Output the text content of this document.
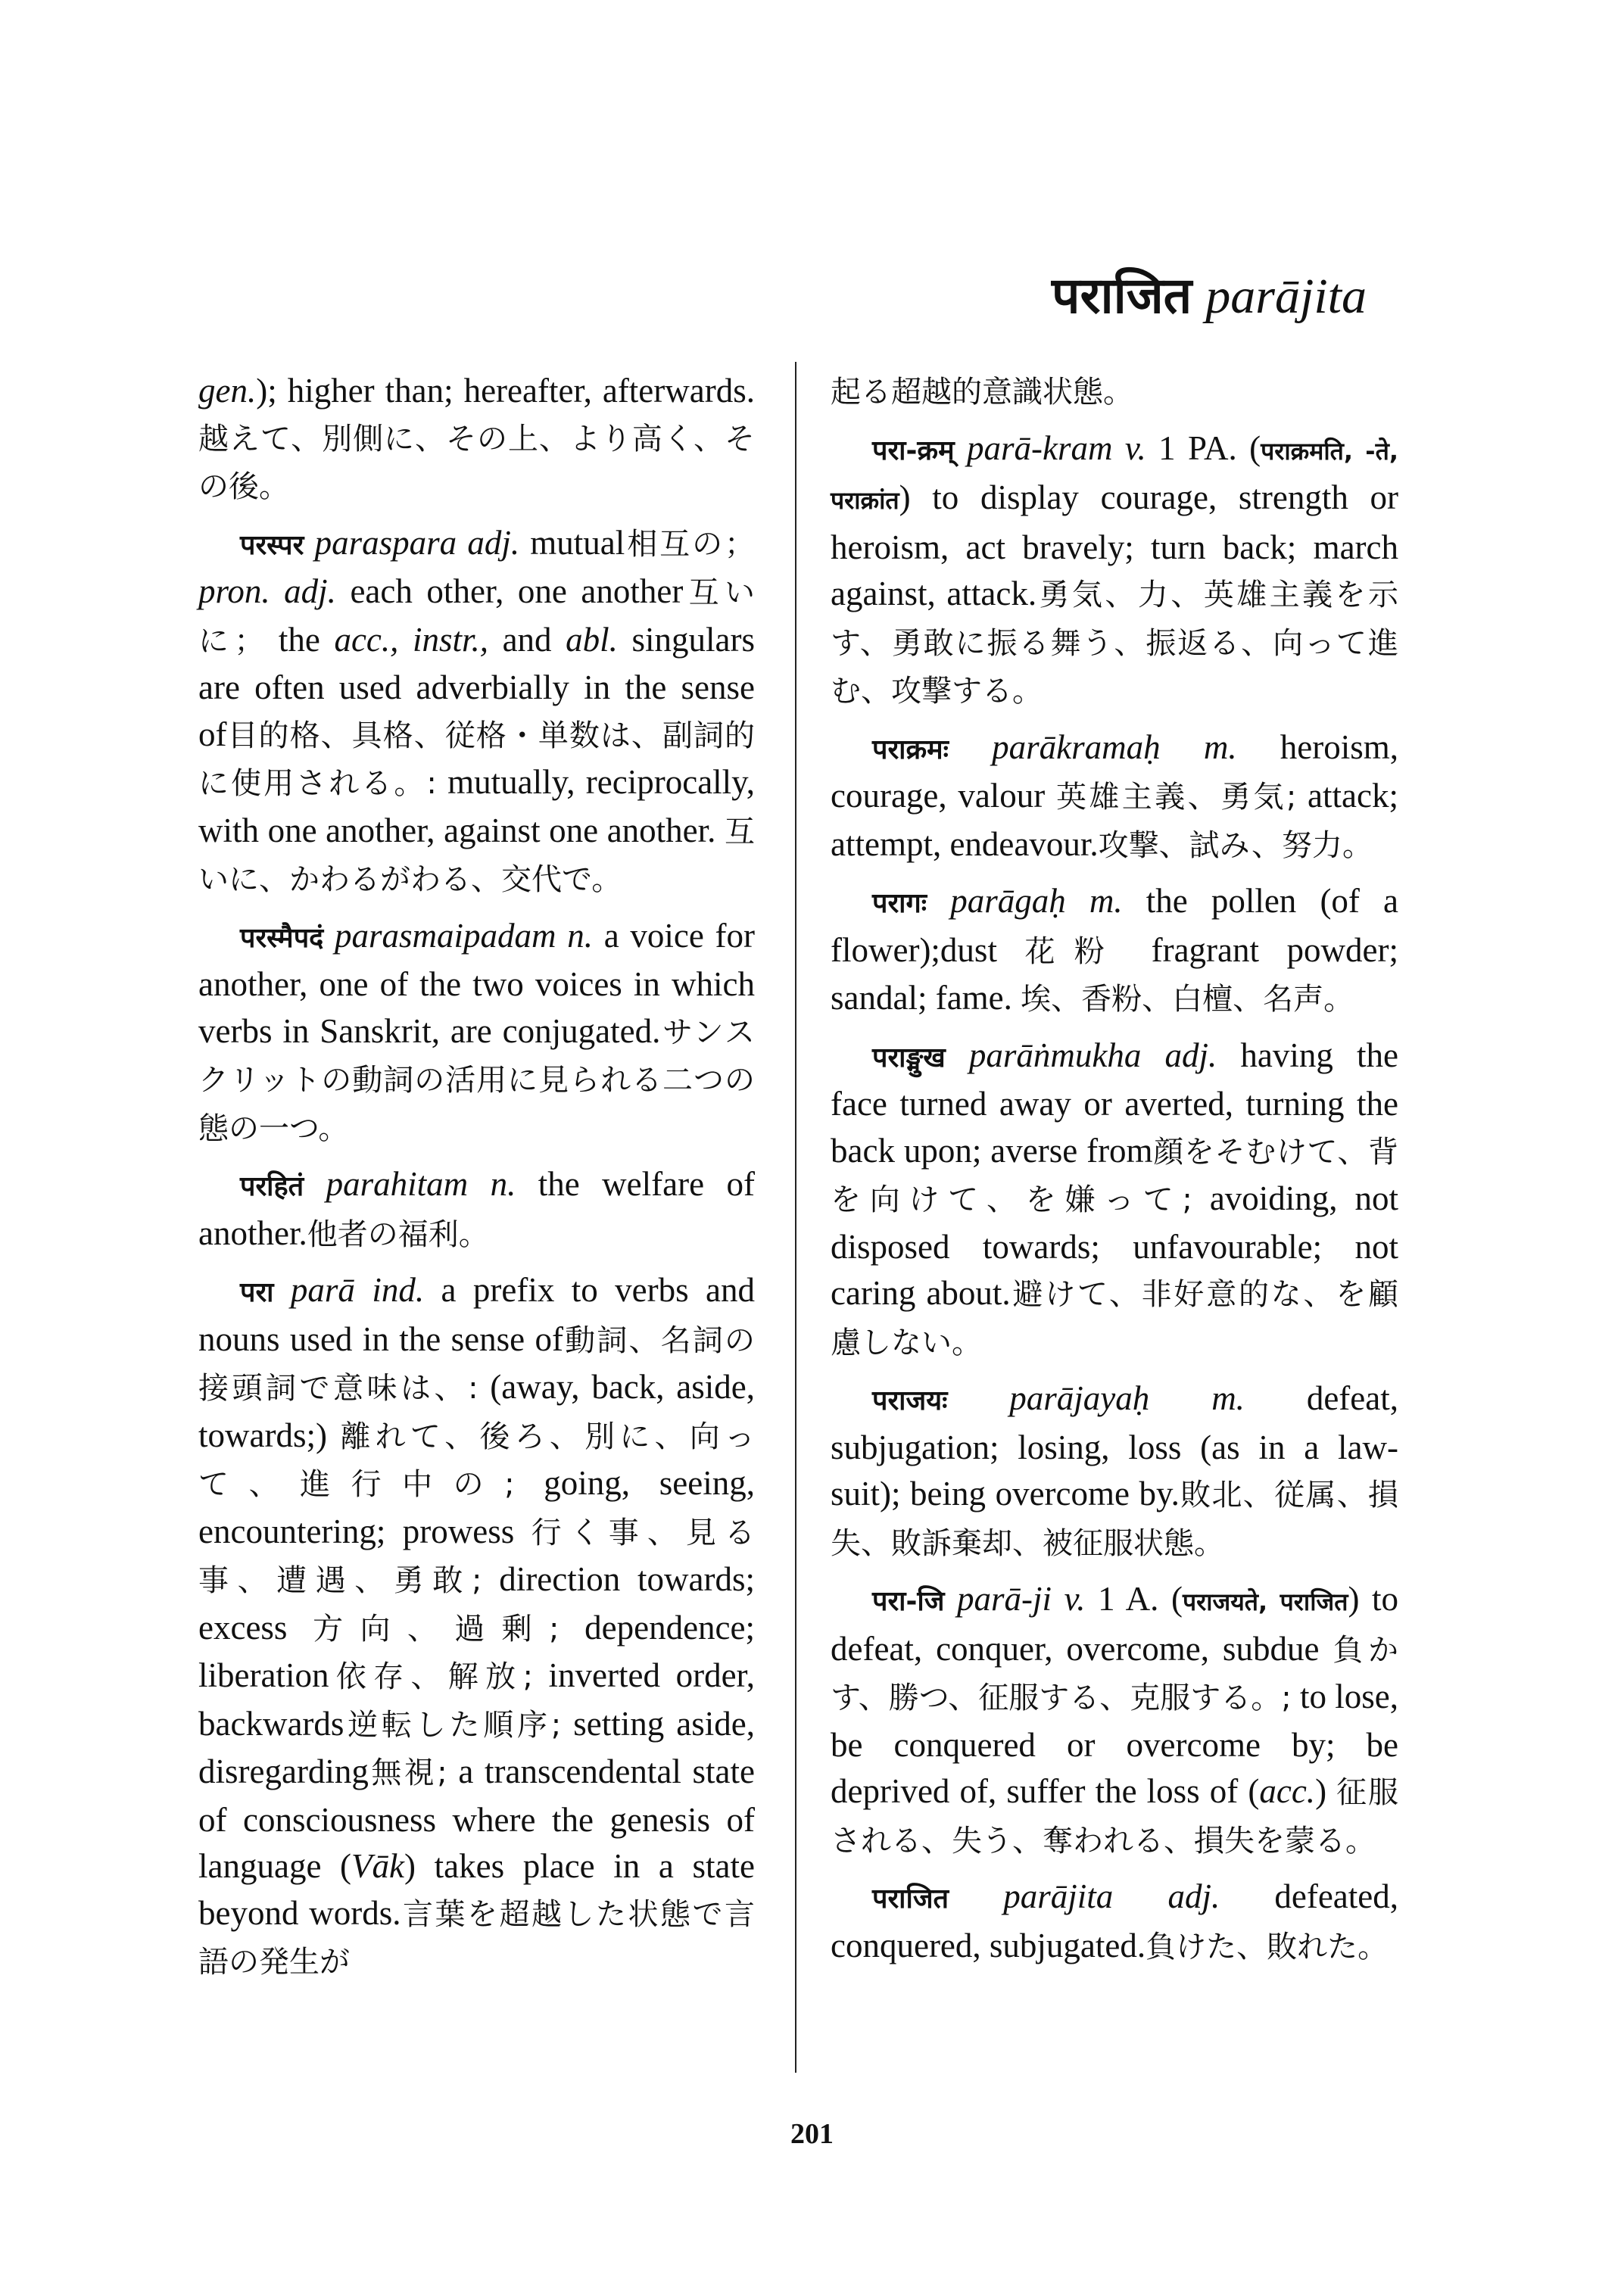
पराजित parājita

gen.); higher than; hereafter, afterwards.越えて、別側に、その上、より高く、その後。

परस्पर paraspara adj. mutual相互の； pron. adj. each other, one another互いに； the acc., instr., and abl. singulars are often used adverbially in the sense of目的格、具格、従格・単数は、副詞的に使用される。: mutually, reciprocally, with one another, against one another. 互いに、かわるがわる、交代で。

परस्मैपदं parasmaipadam n. a voice for another, one of the two voices in which verbs in Sanskrit, are conjugated.サンスクリットの動詞の活用に見られる二つの態の一つ。

परहितं parahitam n. the welfare of another.他者の福利。

परा parā ind. a prefix to verbs and nouns used in the sense of動詞、名詞の接頭詞で意味は、: (away, back, aside, towards;) 離れて、後ろ、別に、向って、進行中の; going, seeing, encountering; prowess 行く事、見る事、遭遇、勇敢; direction towards; excess 方向、過剰; dependence; liberation依存、解放; inverted order, backwards逆転した順序; setting aside, disregarding無視; a transcendental state of consciousness where the genesis of language (Vāk) takes place in a state beyond words.言葉を超越した状態で言語の発生が

起る超越的意識状態。

परा-क्रम् parā-kram v. 1 PA. (पराक्रमति, -ते, पराक्रांत) to display courage, strength or heroism, act bravely; turn back; march against, attack.勇気、力、英雄主義を示す、勇敢に振る舞う、振返る、向って進む、攻撃する。

पराक्रमः parākramaḥ m. heroism, courage, valour 英雄主義、勇気; attack; attempt, endeavour.攻撃、試み、努力。

परागः parāgaḥ m. the pollen (of a flower);dust 花粉 fragrant powder; sandal; fame. 埃、香粉、白檀、名声。

पराङ्मुख parāṅmukha adj. having the face turned away or averted, turning the back upon; averse from顔をそむけて、背を向けて、を嫌って; avoiding, not disposed towards; unfavourable; not caring about.避けて、非好意的な、を顧慮しない。

पराजयः parājayaḥ m. defeat, subjugation; losing, loss (as in a law-suit); being overcome by.敗北、従属、損失、敗訴棄却、被征服状態。

परा-जि parā-ji v. 1 A. (पराजयते, पराजित) to defeat, conquer, overcome, subdue 負かす、勝つ、征服する、克服する。; to lose, be conquered or overcome by; be deprived of, suffer the loss of (acc.) 征服される、失う、奪われる、損失を蒙る。

पराजित parājita adj. defeated, conquered, subjugated.負けた、敗れた。

201
